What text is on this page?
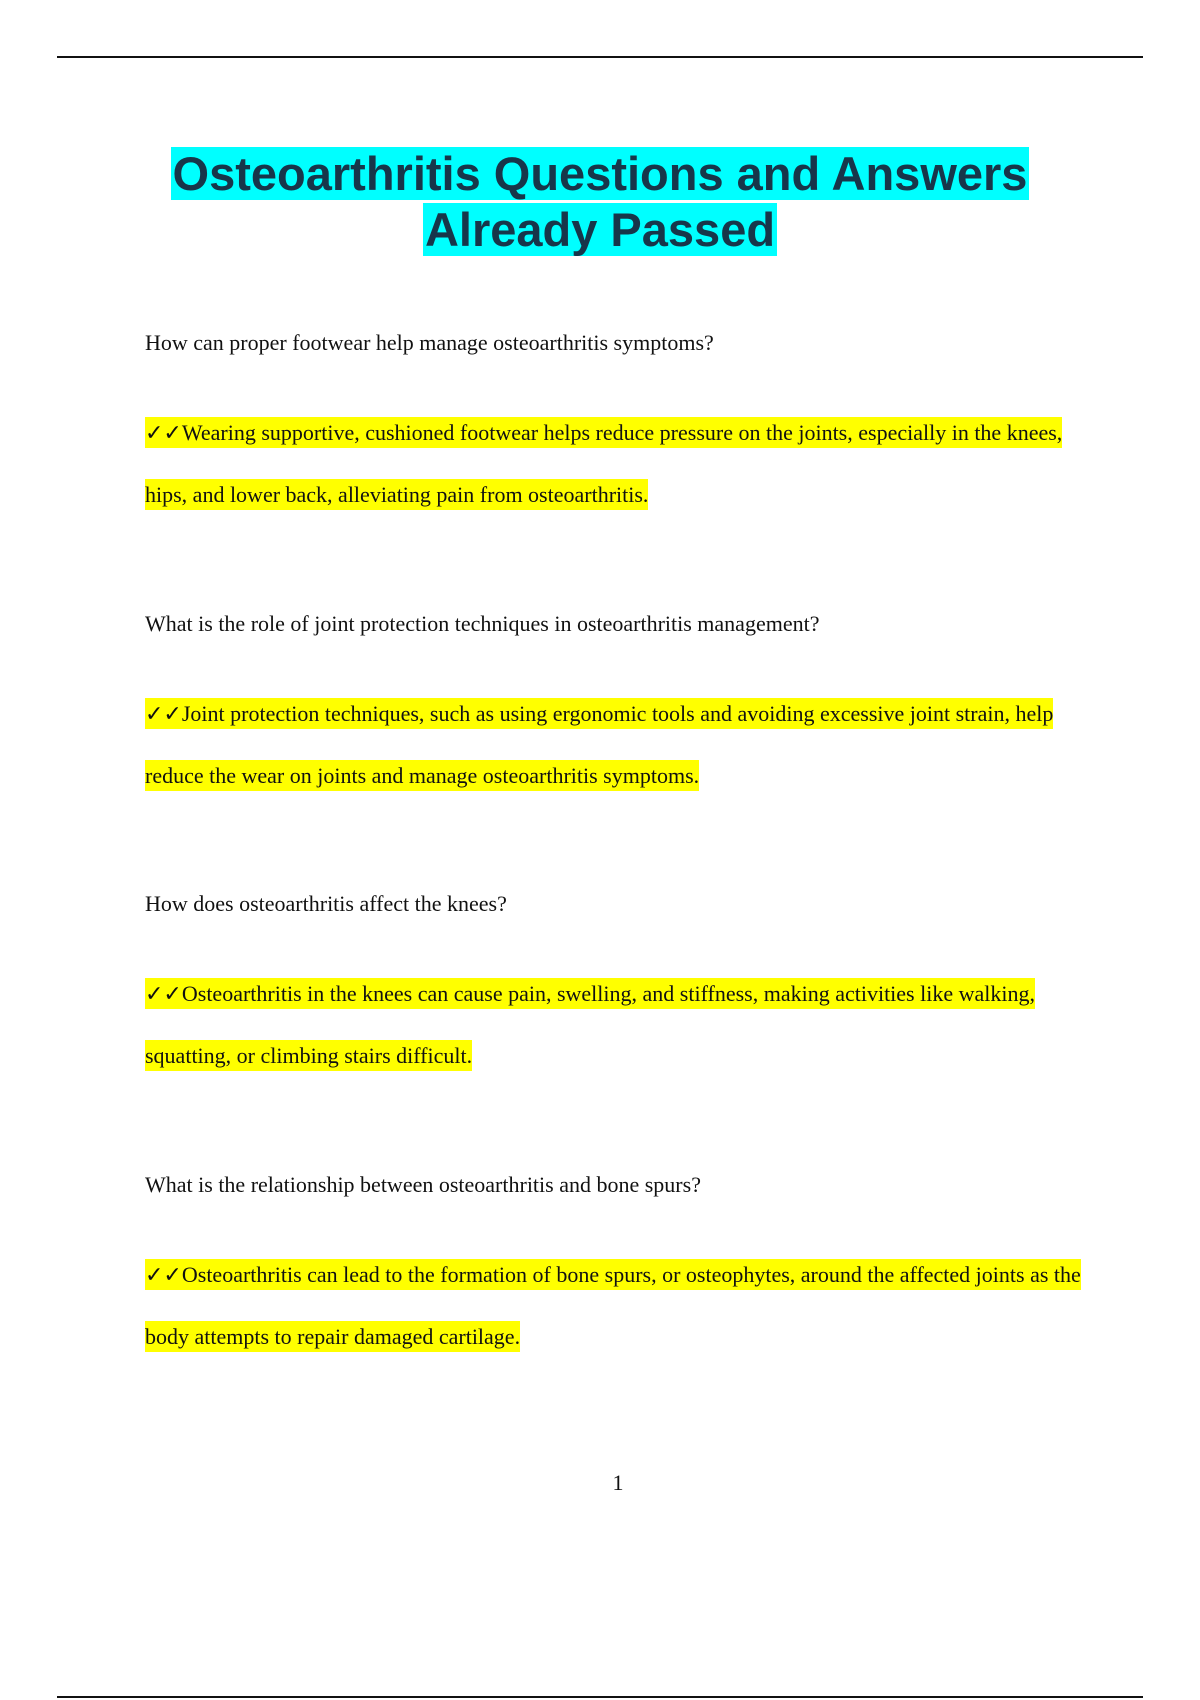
Osteoarthritis Questions and Answers
Already Passed

How can proper footwear help manage osteoarthritis symptoms?

✓✓Wearing supportive, cushioned footwear helps reduce pressure on the joints, especially in the knees, hips, and lower back, alleviating pain from osteoarthritis.

What is the role of joint protection techniques in osteoarthritis management?

✓✓Joint protection techniques, such as using ergonomic tools and avoiding excessive joint strain, help reduce the wear on joints and manage osteoarthritis symptoms.

How does osteoarthritis affect the knees?

✓✓Osteoarthritis in the knees can cause pain, swelling, and stiffness, making activities like walking, squatting, or climbing stairs difficult.

What is the relationship between osteoarthritis and bone spurs?

✓✓Osteoarthritis can lead to the formation of bone spurs, or osteophytes, around the affected joints as the body attempts to repair damaged cartilage.

1
